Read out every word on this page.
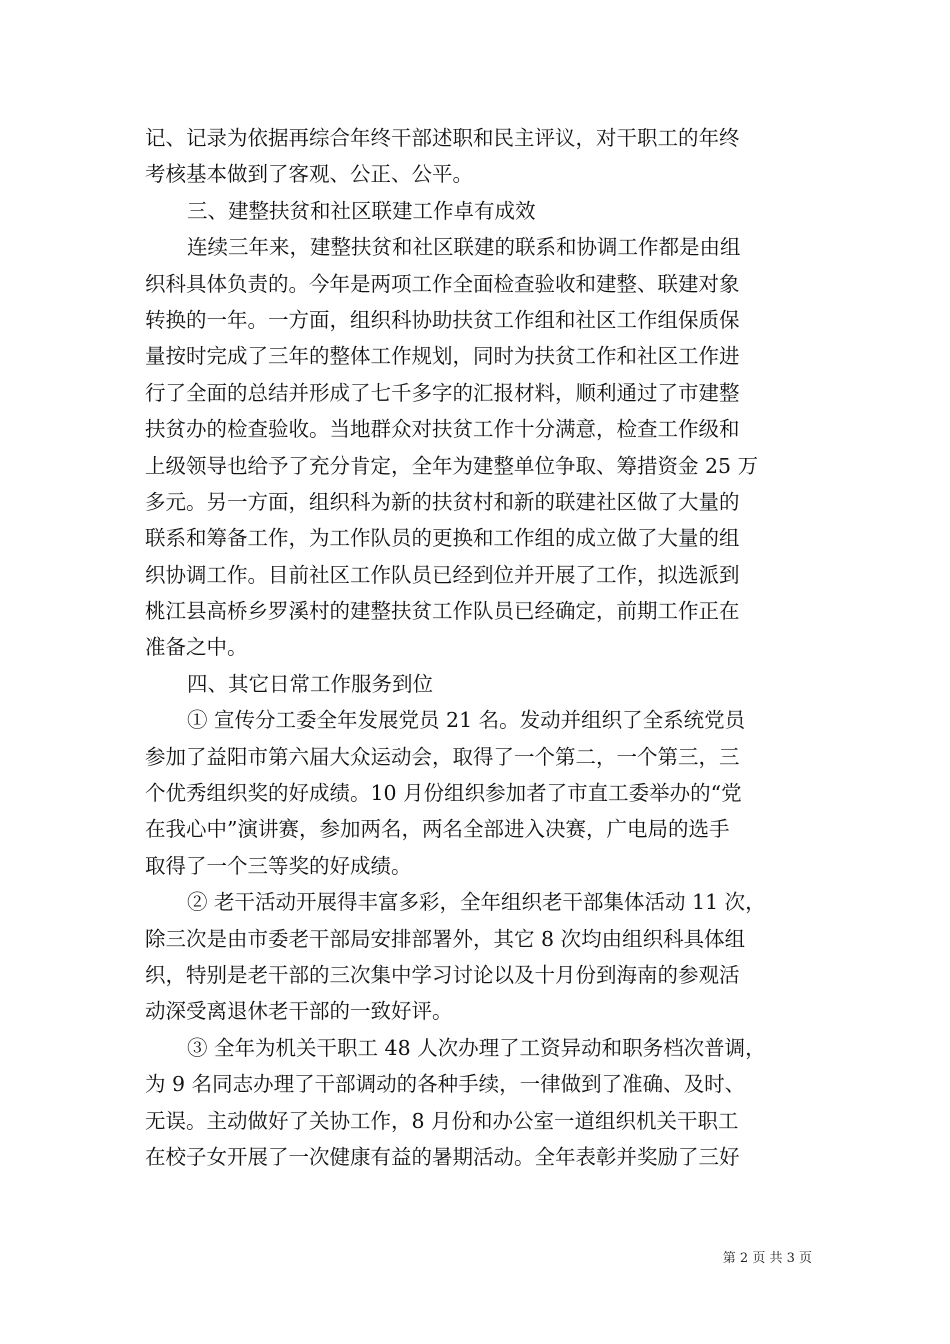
记、记录为依据再综合年终干部述职和民主评议，对干职工的年终
考核基本做到了客观、公正、公平。
三、建整扶贫和社区联建工作卓有成效
连续三年来，建整扶贫和社区联建的联系和协调工作都是由组
织科具体负责的。今年是两项工作全面检查验收和建整、联建对象
转换的一年。一方面，组织科协助扶贫工作组和社区工作组保质保
量按时完成了三年的整体工作规划，同时为扶贫工作和社区工作进
行了全面的总结并形成了七千多字的汇报材料，顺利通过了市建整
扶贫办的检查验收。当地群众对扶贫工作十分满意，检查工作级和
上级领导也给予了充分肯定，全年为建整单位争取、筹措资金 25 万
多元。另一方面，组织科为新的扶贫村和新的联建社区做了大量的
联系和筹备工作，为工作队员的更换和工作组的成立做了大量的组
织协调工作。目前社区工作队员已经到位并开展了工作，拟选派到
桃江县高桥乡罗溪村的建整扶贫工作队员已经确定，前期工作正在
准备之中。
四、其它日常工作服务到位
① 宣传分工委全年发展党员 21 名。发动并组织了全系统党员
参加了益阳市第六届大众运动会，取得了一个第二，一个第三，三
个优秀组织奖的好成绩。10 月份组织参加者了市直工委举办的“党
在我心中”演讲赛，参加两名，两名全部进入决赛，广电局的选手
取得了一个三等奖的好成绩。
② 老干活动开展得丰富多彩，全年组织老干部集体活动 11 次，
除三次是由市委老干部局安排部署外，其它 8 次均由组织科具体组
织，特别是老干部的三次集中学习讨论以及十月份到海南的参观活
动深受离退休老干部的一致好评。
③ 全年为机关干职工 48 人次办理了工资异动和职务档次普调，
为 9 名同志办理了干部调动的各种手续，一律做到了准确、及时、
无误。主动做好了关协工作，8 月份和办公室一道组织机关干职工
在校子女开展了一次健康有益的暑期活动。全年表彰并奖励了三好
第 2 页 共 3 页
